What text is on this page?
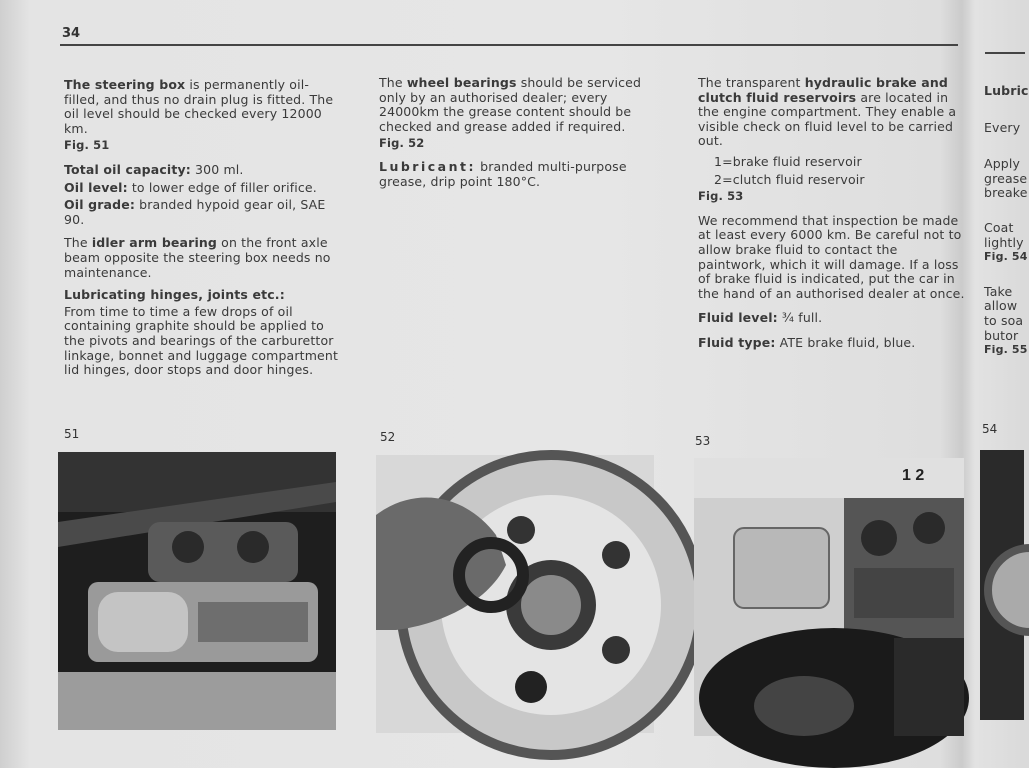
34

The steering box is permanently oil-filled, and thus no drain plug is fitted. The oil level should be checked every 12000 km.

Fig. 51

Total oil capacity: 300 ml.

Oil level: to lower edge of filler orifice.

Oil grade: branded hypoid gear oil, SAE 90.

The idler arm bearing on the front axle beam opposite the steering box needs no maintenance.

Lubricating hinges, joints etc.:

From time to time a few drops of oil containing graphite should be applied to the pivots and bearings of the carburettor linkage, bonnet and luggage compartment lid hinges, door stops and door hinges.

The wheel bearings should be serviced only by an authorised dealer; every 24000km the grease content should be checked and grease added if required.

Fig. 52

Lubricant: branded multi-purpose grease, drip point 180°C.

The transparent hydraulic brake and clutch fluid reservoirs are located in the engine compartment. They enable a visible check on fluid level to be carried out.

1=brake fluid reservoir

2=clutch fluid reservoir

Fig. 53

We recommend that inspection be made at least every 6000 km. Be careful not to allow brake fluid to contact the paintwork, which it will damage. If a loss of brake fluid is indicated, put the car in the hand of an authorised dealer at once.

Fluid level: ¾ full.

Fluid type: ATE brake fluid, blue.

Lubric
Every
Apply
grease
breake
Coat
lightly
Fig. 54
Take
allow
to soa
butor
Fig. 55
51	52	53
54
1 2
